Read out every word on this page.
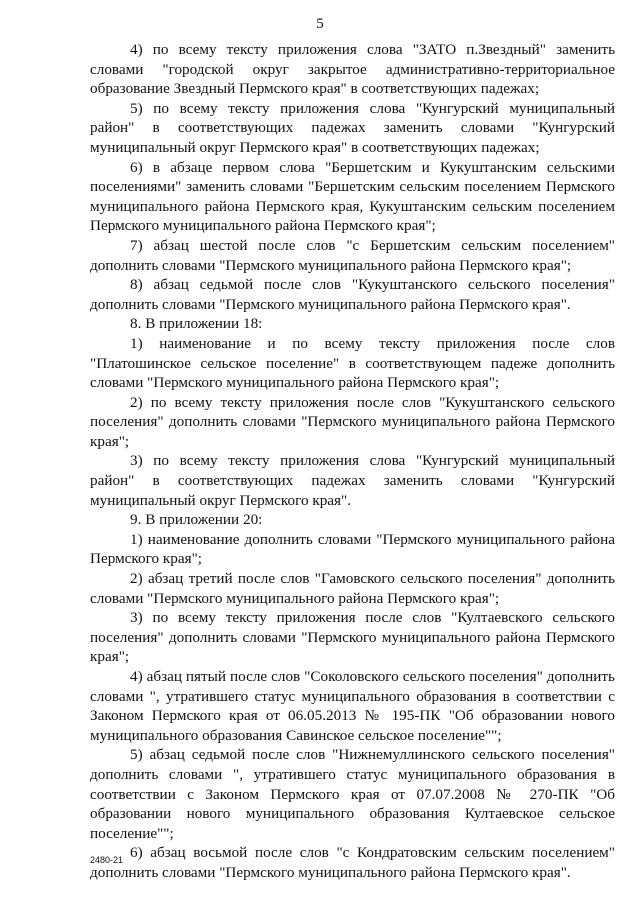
5

4) по всему тексту приложения слова "ЗАТО п.Звездный" заменить словами "городской округ закрытое административно-территориальное образование Звездный Пермского края" в соответствующих падежах;

5) по всему тексту приложения слова "Кунгурский муниципальный район" в соответствующих падежах заменить словами "Кунгурский муниципальный округ Пермского края" в соответствующих падежах;

6) в абзаце первом слова "Бершетским и Кукуштанским сельскими поселениями" заменить словами "Бершетским сельским поселением Пермского муниципального района Пермского края, Кукуштанским сельским поселением Пермского муниципального района Пермского края";

7) абзац шестой после слов "с Бершетским сельским поселением" дополнить словами "Пермского муниципального района Пермского края";

8) абзац седьмой после слов "Кукуштанского сельского поселения" дополнить словами "Пермского муниципального района Пермского края".

8. В приложении 18:

1) наименование и по всему тексту приложения после слов "Платошинское сельское поселение" в соответствующем падеже дополнить словами "Пермского муниципального района Пермского края";

2) по всему тексту приложения после слов "Кукуштанского сельского поселения" дополнить словами "Пермского муниципального района Пермского края";

3) по всему тексту приложения слова "Кунгурский муниципальный район" в соответствующих падежах заменить словами "Кунгурский муниципальный округ Пермского края".

9. В приложении 20:

1) наименование дополнить словами "Пермского муниципального района Пермского края";

2) абзац третий после слов "Гамовского сельского поселения" дополнить словами "Пермского муниципального района Пермского края";

3) по всему тексту приложения после слов "Култаевского сельского поселения" дополнить словами "Пермского муниципального района Пермского края";

4) абзац пятый после слов "Соколовского сельского поселения" дополнить словами ", утратившего статус муниципального образования в соответствии с Законом Пермского края от 06.05.2013 № 195-ПК "Об образовании нового муниципального образования Савинское сельское поселение"";

5) абзац седьмой после слов "Нижнемуллинского сельского поселения" дополнить словами ", утратившего статус муниципального образования в соответствии с Законом Пермского края от 07.07.2008 № 270-ПК "Об образовании нового муниципального образования Култаевское сельское поселение"";

6) абзац восьмой после слов "с Кондратовским сельским поселением" дополнить словами "Пермского муниципального района Пермского края".

2480-21
